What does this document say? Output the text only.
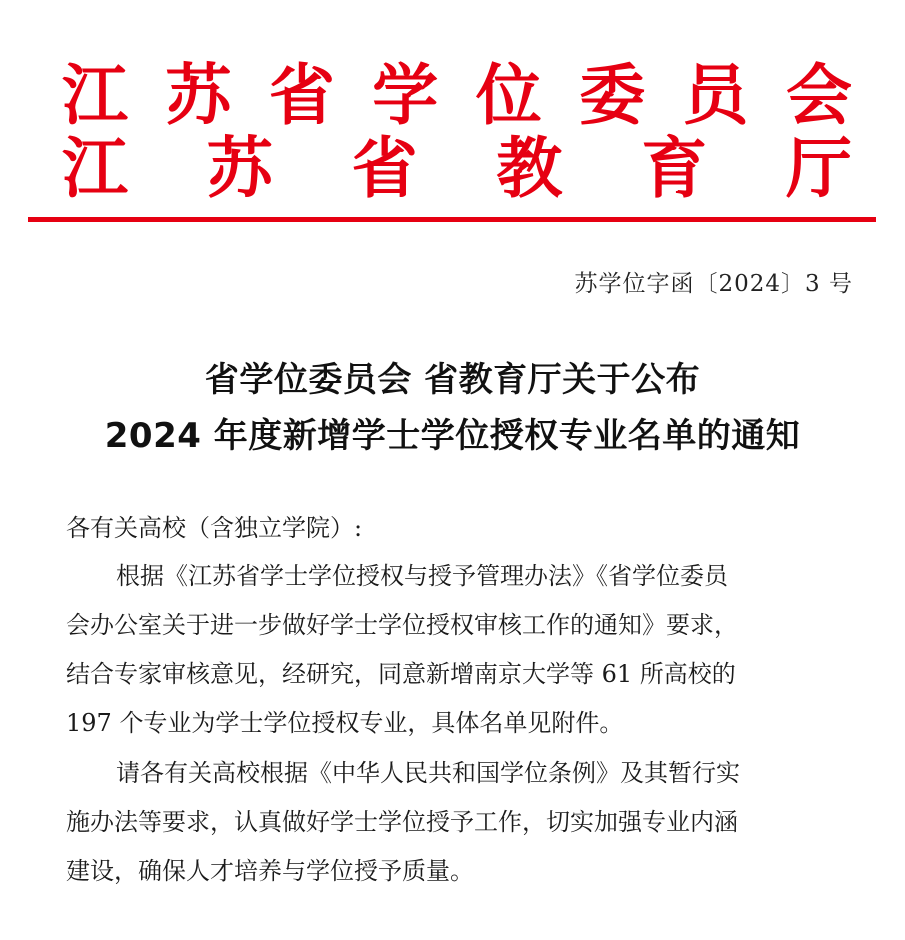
江 苏 省 学 位 委 员 会
江 苏 省 教 育 厅
苏学位字函〔2024〕3 号
省学位委员会 省教育厅关于公布
2024 年度新增学士学位授权专业名单的通知
各有关高校（含独立学院）:
根据《江苏省学士学位授权与授予管理办法》《省学位委员
会办公室关于进一步做好学士学位授权审核工作的通知》要求，
结合专家审核意见，经研究，同意新增南京大学等 61 所高校的
197 个专业为学士学位授权专业，具体名单见附件。
请各有关高校根据《中华人民共和国学位条例》及其暂行实
施办法等要求，认真做好学士学位授予工作，切实加强专业内涵
建设，确保人才培养与学位授予质量。
